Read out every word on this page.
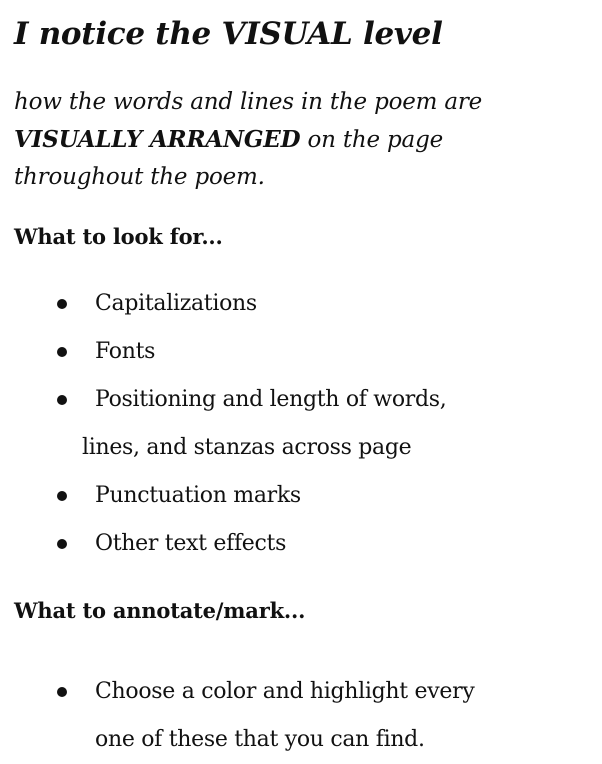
I notice the VISUAL level

how the words and lines in the poem are
VISUALLY ARRANGED on the page
throughout the poem.

What to look for...
Capitalizations
Fonts
Positioning and length of words,
lines, and stanzas across page
Punctuation marks
Other text effects
What to annotate/mark...
Choose a color and highlight every
one of these that you can find.
